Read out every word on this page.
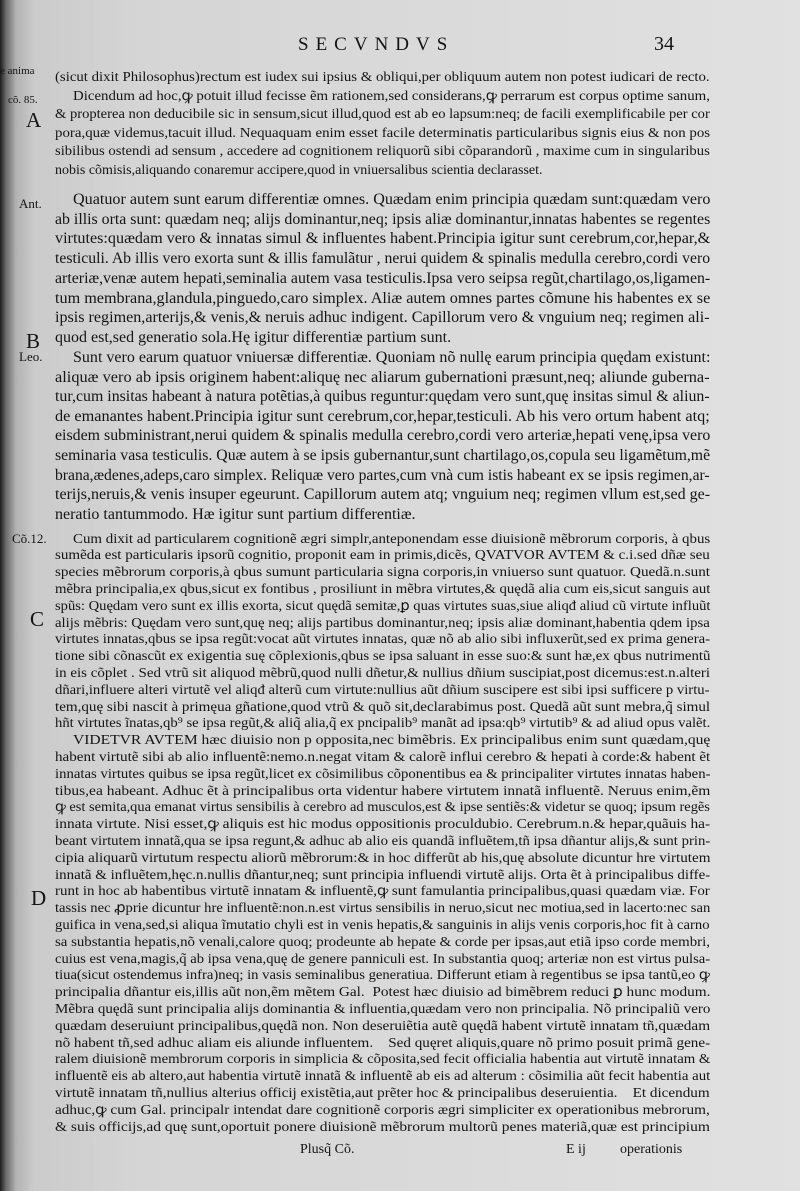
SECVNDVS	34
e anima
cõ. 85.
A
Ant.
B
Leo.
Cõ.12.
C
D
(sicut dixit Philosophus)rectum est iudex sui ipsius & obliqui,per obliquum autem non potest iudicari de recto.
Dicendum ad hoc,ꝙ potuit illud fecisse ẽm rationem,sed considerans,ꝙ perrarum est corpus optime sanum,
& propterea non deducibile sic in sensum,sicut illud,quod est ab eo lapsum:neq; de facili exemplificabile per cor
pora,quæ videmus,tacuit illud. Nequaquam enim esset facile determinatis particularibus signis eius & non pos
sibilibus ostendi ad sensum , accedere ad cognitionem reliquorũ sibi cõparandorũ , maxime cum in singularibus
nobis cõmisis,aliquando conaremur accipere,quod in vniuersalibus scientia declarasset.
Quatuor autem sunt earum differentiæ omnes. Quædam enim principia quædam sunt:quædam vero
ab illis orta sunt: quædam neq; alijs dominantur,neq; ipsis aliæ dominantur,innatas habentes se regentes
virtutes:quædam vero & innatas simul & influentes habent.Principia igitur sunt cerebrum,cor,hepar,&
testiculi. Ab illis vero exorta sunt & illis famulãtur , nerui quidem & spinalis medulla cerebro,cordi vero
arteriæ,venæ autem hepati,seminalia autem vasa testiculis.Ipsa vero seipsa regũt,chartilago,os,ligamen-
tum membrana,glandula,pinguedo,caro simplex. Aliæ autem omnes partes cõmune his habentes ex se
ipsis regimen,arterijs,& venis,& neruis adhuc indigent. Capillorum vero & vnguium neq; regimen ali-
quod est,sed generatio sola.Hę igitur differentiæ partium sunt.
Sunt vero earum quatuor vniuersæ differentiæ. Quoniam nõ nullę earum principia quędam existunt:
aliquæ vero ab ipsis originem habent:aliquę nec aliarum gubernationi præsunt,neq; aliunde guberna-
tur,cum insitas habeant à natura potẽtias,à quibus reguntur:quędam vero sunt,quę insitas simul & aliun-
de emanantes habent.Principia igitur sunt cerebrum,cor,hepar,testiculi. Ab his vero ortum habent atq;
eisdem subministrant,nerui quidem & spinalis medulla cerebro,cordi vero arteriæ,hepati venę,ipsa vero
seminaria vasa testiculis. Quæ autem à se ipsis gubernantur,sunt chartilago,os,copula seu ligamẽtum,mẽ
brana,ædenes,adeps,caro simplex. Reliquæ vero partes,cum vnà cum istis habeant ex se ipsis regimen,ar-
terijs,neruis,& venis insuper egeurunt. Capillorum autem atq; vnguium neq; regimen vllum est,sed ge-
neratio tantummodo. Hæ igitur sunt partium differentiæ.
Cum dixit ad particularem cognitionẽ ægri simplr,anteponendam esse diuisionẽ mẽbrorum corporis, à qbus
sumẽda est particularis ipsorũ cognitio, proponit eam in primis,dicẽs, QVATVOR AVTEM & c.i.sed dñæ seu
species mẽbrorum corporis,à qbus sumunt particularia signa corporis,in vniuerso sunt quatuor. Quedã.n.sunt
mẽbra principalia,ex qbus,sicut ex fontibus , prosiliunt in mẽbra virtutes,& quędã alia cum eis,sicut sanguis aut
spũs: Quędam vero sunt ex illis exorta, sicut quędã semitæ,ꝑ quas virtutes suas,siue aliqđ aliud cũ virtute influũt
alijs mẽbris: Quędam vero sunt,quę neq; alijs partibus dominantur,neq; ipsis aliæ dominant,habentia qdem ipsa
virtutes innatas,qbus se ipsa regũt:vocat aũt virtutes innatas, quæ nõ ab alio sibi influxerũt,sed ex prima genera-
tione sibi cõnascũt ex exigentia suę cõplexionis,qbus se ipsa saluant in esse suo:& sunt hæ,ex qbus nutrimentũ
in eis cõplet . Sed vtrũ sit aliquod mẽbrũ,quod nulli dñetur,& nullius dñium suscipiat,post dicemus:est.n.alteri
dñari,influere alteri virtutẽ vel aliqđ alterũ cum virtute:nullius aũt dñium suscipere est sibi ipsi sufficere p virtu-
tem,quę sibi nascit à primęua gñatione,quod vtrũ & quõ sit,declarabimus post. Quedã aũt sunt mebra,q̃ simul
hñt virtutes ĩnatas,qb⁹ se ipsa regũt,& aliq̃ alia,q̃ ex pncipalib⁹ manãt ad ipsa:qb⁹ virtutib⁹ & ad aliud opus valẽt.
VIDETVR AVTEM hæc diuisio non p opposita,nec bimẽbris. Ex principalibus enim sunt quædam,quę
habent virtutẽ sibi ab alio influentẽ:nemo.n.negat vitam & calorẽ influi cerebro & hepati à corde:& habent ẽt
innatas virtutes quibus se ipsa regũt,licet ex cõsimilibus cõponentibus ea & principaliter virtutes innatas haben-
tibus,ea habeant. Adhuc ẽt à principalibus orta videntur habere virtutem innatã influentẽ. Neruus enim,ẽm
ꝙ est semita,qua emanat virtus sensibilis à cerebro ad musculos,est & ipse sentiẽs:& videtur se quoq; ipsum regẽs
innata virtute. Nisi esset,ꝙ aliquis est hic modus oppositionis proculdubio. Cerebrum.n.& hepar,quãuis ha-
beant virtutem innatã,qua se ipsa regunt,& adhuc ab alio eis quandã influẽtem,tñ ipsa dñantur alijs,& sunt prin-
cipia aliquarũ virtutum respectu aliorũ mẽbrorum:& in hoc differũt ab his,quę absolute dicuntur hre virtutem
innatã & influẽtem,hęc.n.nullis dñantur,neq; sunt principia influendi virtutẽ alijs. Orta ẽt à principalibus diffe-
runt in hoc ab habentibus virtutẽ innatam & influentẽ,ꝙ sunt famulantia principalibus,quasi quædam viæ. For
tassis nec ꝓprie dicuntur hre influentẽ:non.n.est virtus sensibilis in neruo,sicut nec motiua,sed in lacerto:nec san
guifica in vena,sed,si aliqua ĩmutatio chyli est in venis hepatis,& sanguinis in alijs venis corporis,hoc fit à carno
sa substantia hepatis,nõ venali,calore quoq; prodeunte ab hepate & corde per ipsas,aut etiã ipso corde membri,
cuius est vena,magis,q̃ ab ipsa vena,quę de genere panniculi est. In substantia quoq; arteriæ non est virtus pulsa-
tiua(sicut ostendemus infra)neq; in vasis seminalibus generatiua. Differunt etiam à regentibus se ipsa tantũ,eo ꝙ
principalia dñantur eis,illis aũt non,ẽm mẽtem Gal.  Potest hæc diuisio ad bimẽbrem reduci ꝑ hunc modum.
Mẽbra quędã sunt principalia alijs dominantia & influentia,quædam vero non principalia. Nõ principaliũ vero
quædam deseruiunt principalibus,quędã non. Non deseruiẽtia autẽ quędã habent virtutẽ innatam tñ,quædam
nõ habent tñ,sed adhuc aliam eis aliunde influentem.    Sed quęret aliquis,quare nõ primo posuit primã gene-
ralem diuisionẽ membrorum corporis in simplicia & cõposita,sed fecit officialia habentia aut virtutẽ innatam &
influentẽ eis ab altero,aut habentia virtutẽ innatã & influentẽ ab eis ad alterum : cõsimilia aũt fecit habentia aut
virtutẽ innatam tñ,nullius alterius officij existẽtia,aut prẽter hoc & principalibus deseruientia.    Et dicendum
adhuc,ꝙ cum Gal. principalr intendat dare cognitionẽ corporis ægri simpliciter ex operationibus mebrorum,
& suis officijs,ad quę sunt,oportuit ponere diuisionẽ mẽbrorum multorũ penes materiã,quæ est principium
Plusq̃ Cõ.	E ij operationis
